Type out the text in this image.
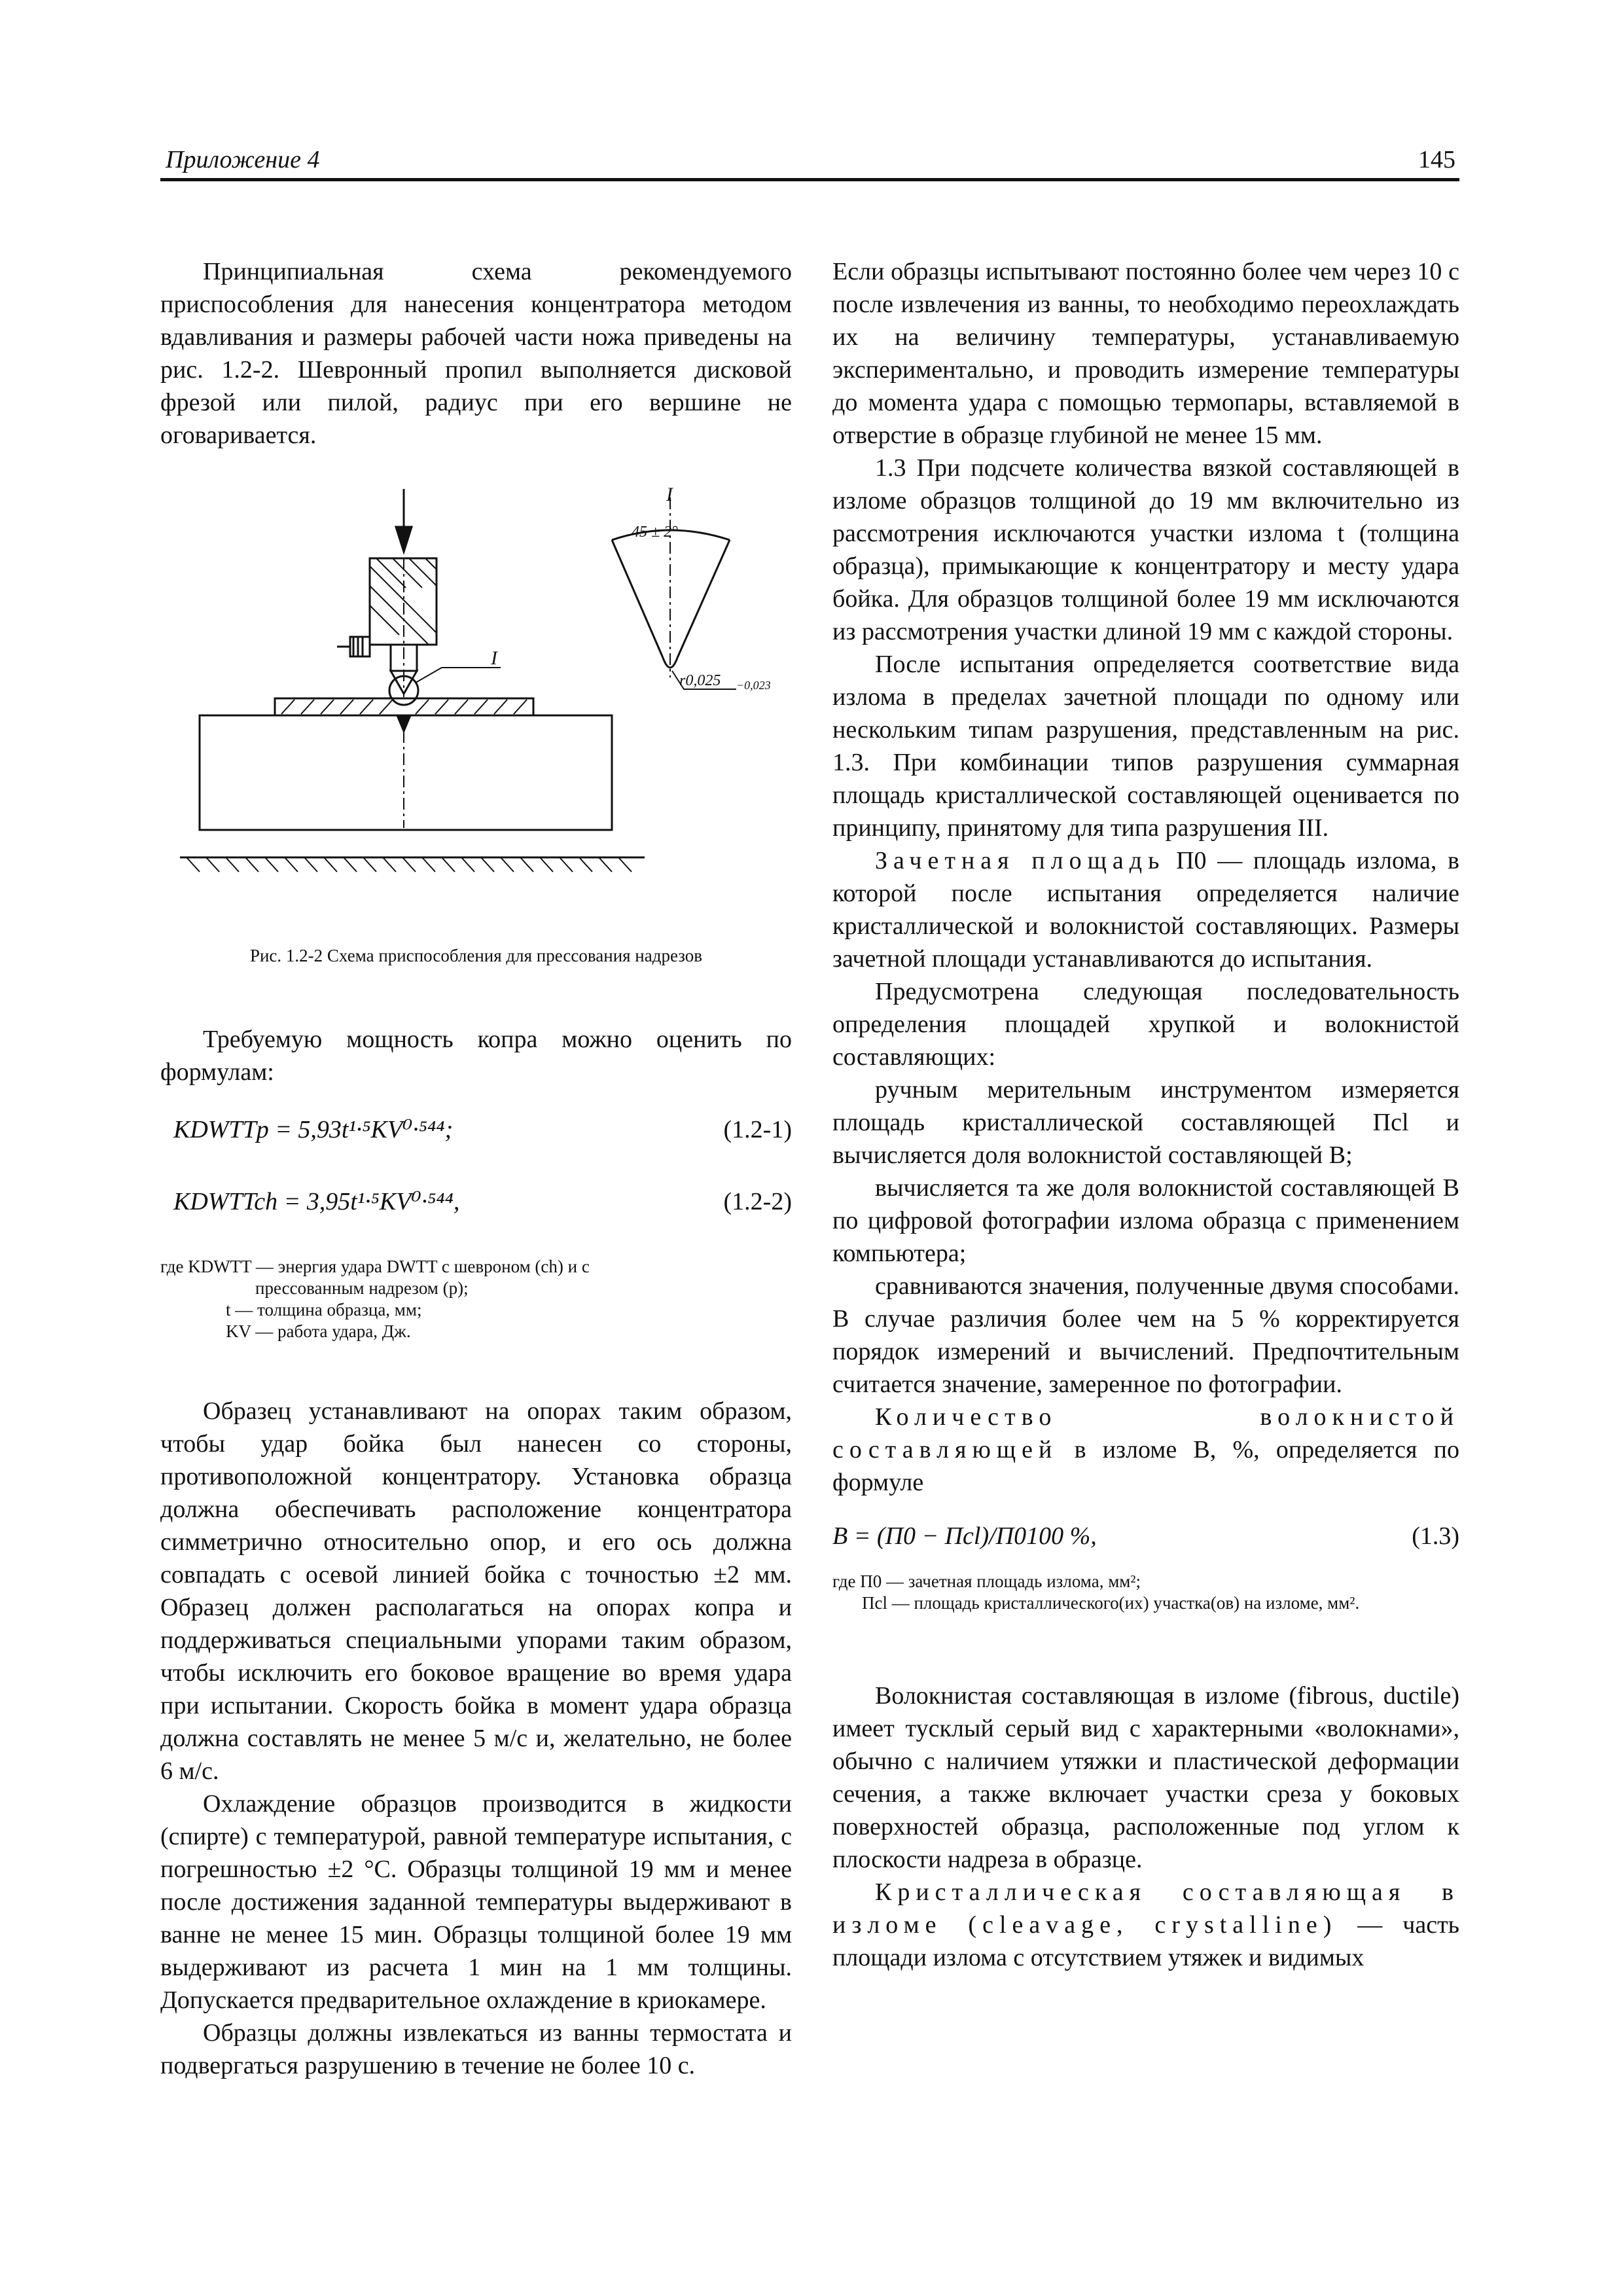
Приложение 4	145

Принципиальная схема рекомендуемого приспособления для нанесения концентратора методом вдавливания и размеры рабочей части ножа приведены на рис. 1.2-2. Шевронный пропил выполняется дисковой фрезой или пилой, радиус при его вершине не оговаривается.

I
I
45 ± 2°
r0,025 −0,023
Рис. 1.2-2 Схема приспособления для прессования надрезов

Требуемую мощность копра можно оценить по формулам:

KDWTTp = 5,93t¹·⁵KV⁰·⁵⁴⁴;	(1.2-1)
KDWTTch = 3,95t¹·⁵KV⁰·⁵⁴⁴,	(1.2-2)
где KDWTT — энергия удара DWTT с шевроном (ch) и с
прессованным надрезом (p);
t — толщина образца, мм;
KV — работа удара, Дж.

Образец устанавливают на опорах таким образом, чтобы удар бойка был нанесен со стороны, противоположной концентратору. Установка образца должна обеспечивать расположение концентратора симметрично относительно опор, и его ось должна совпадать с осевой линией бойка с точностью ±2 мм. Образец должен располагаться на опорах копра и поддерживаться специальными упорами таким образом, чтобы исключить его боковое вращение во время удара при испытании. Скорость бойка в момент удара образца должна составлять не менее 5 м/с и, желательно, не более 6 м/с.

Охлаждение образцов производится в жидкости (спирте) с температурой, равной температуре испытания, с погрешностью ±2 °С. Образцы толщиной 19 мм и менее после достижения заданной температуры выдерживают в ванне не менее 15 мин. Образцы толщиной более 19 мм выдерживают из расчета 1 мин на 1 мм толщины. Допускается предварительное охлаждение в криокамере.

Образцы должны извлекаться из ванны термостата и подвергаться разрушению в течение не более 10 с.

Если образцы испытывают постоянно более чем через 10 с после извлечения из ванны, то необходимо переохлаждать их на величину температуры, устанавливаемую экспериментально, и проводить измерение температуры до момента удара с помощью термопары, вставляемой в отверстие в образце глубиной не менее 15 мм.

1.3 При подсчете количества вязкой составляющей в изломе образцов толщиной до 19 мм включительно из рассмотрения исключаются участки излома t (толщина образца), примыкающие к концентратору и месту удара бойка. Для образцов толщиной более 19 мм исключаются из рассмотрения участки длиной 19 мм с каждой стороны.

После испытания определяется соответствие вида излома в пределах зачетной площади по одному или нескольким типам разрушения, представленным на рис. 1.3. При комбинации типов разрушения суммарная площадь кристаллической составляющей оценивается по принципу, принятому для типа разрушения III.

Зачетная площадь П0 — площадь излома, в которой после испытания определяется наличие кристаллической и волокнистой составляющих. Размеры зачетной площади устанавливаются до испытания.

Предусмотрена следующая последовательность определения площадей хрупкой и волокнистой составляющих:

ручным мерительным инструментом измеряется площадь кристаллической составляющей Пcl и вычисляется доля волокнистой составляющей B;

вычисляется та же доля волокнистой составляющей B по цифровой фотографии излома образца с применением компьютера;

сравниваются значения, полученные двумя способами. В случае различия более чем на 5 % корректируется порядок измерений и вычислений. Предпочтительным считается значение, замеренное по фотографии.

Количество волокнистой составляющей в изломе B, %, определяется по формуле

B = (П0 − Пcl)/П0100 %,	(1.3)
где П0 — зачетная площадь излома, мм²;
Пcl — площадь кристаллического(их) участка(ов) на изломе, мм².

Волокнистая составляющая в изломе (fibrous, ductile) имеет тусклый серый вид с характерными «волокнами», обычно с наличием утяжки и пластической деформации сечения, а также включает участки среза у боковых поверхностей образца, расположенные под углом к плоскости надреза в образце.

Кристаллическая составляющая в изломе (cleavage, crystalline) — часть площади излома с отсутствием утяжек и видимых
